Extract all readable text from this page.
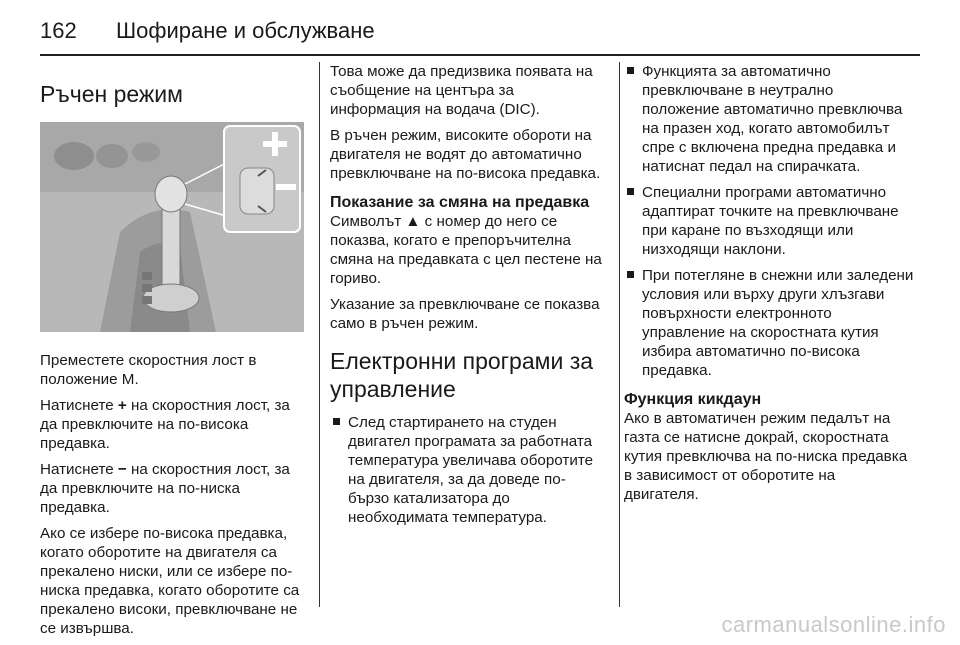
162 Шофиране и обслужване
Ръчен режим

Преместете скоростния лост в положение М.

Натиснете + на скоростния лост, за да превключите на по-висока предавка.

Натиснете − на скоростния лост, за да превключите на по-ниска предавка.

Ако се избере по-висока предавка, когато оборотите на двигателя са прекалено ниски, или се избере по-ниска предавка, когато оборотите са прекалено високи, превключване не се извършва.

Това може да предизвика появата на съобщение на центъра за информация на водача (DIC).

В ръчен режим, високите обороти на двигателя не водят до автоматично превключване на по-висока предавка.

Показание за смяна на предавка

Символът ▲ с номер до него се показва, когато е препоръчителна смяна на предавката с цел пестене на гориво.

Указание за превключване се показва само в ръчен режим.

Електронни програми за управление
След стартирането на студен двигател програмата за работната температура увеличава оборотите на двигателя, за да доведе по-бързо катализатора до необходимата температура.
Функцията за автоматично превключване в неутрално положение автоматично превключва на празен ход, когато автомобилът спре с включена предна предавка и натиснат педал на спирачката.
Специални програми автоматично адаптират точките на превключване при каране по възходящи или низходящи наклони.
При потегляне в снежни или заледени условия или върху други хлъзгави повърхности електронното управление на скоростната кутия избира автоматично по-висока предавка.
Функция кикдаун

Ако в автоматичен режим педалът на газта се натисне докрай, скоростната кутия превключва на по-ниска предавка в зависимост от оборотите на двигателя.

carmanualsonline.info
